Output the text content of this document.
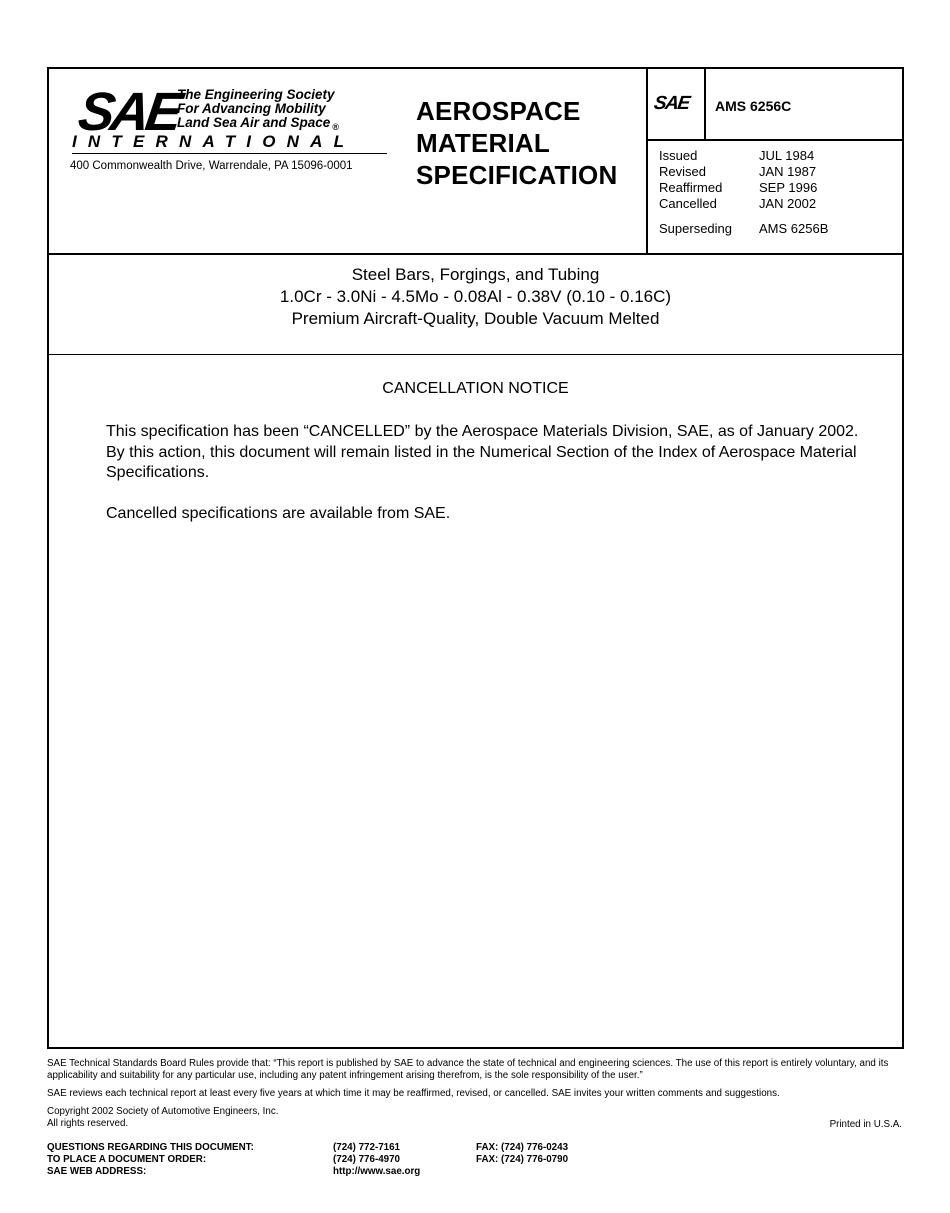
SAE
The Engineering Society
For Advancing Mobility
Land Sea Air and Space $_®$
INTERNATIONAL
400 Commonwealth Drive, Warrendale, PA 15096-0001
AEROSPACE
MATERIAL
SPECIFICATION
SAE AMS 6256C
Issued	JUL 1984
Revised	JAN 1987
Reaffirmed	SEP 1996
Cancelled	JAN 2002
Superseding	AMS 6256B
Steel Bars, Forgings, and Tubing
1.0Cr - 3.0Ni - 4.5Mo - 0.08Al - 0.38V (0.10 - 0.16C)
Premium Aircraft-Quality, Double Vacuum Melted
CANCELLATION NOTICE

This specification has been “CANCELLED” by the Aerospace Materials Division, SAE, as of January 2002. By this action, this document will remain listed in the Numerical Section of the Index of Aerospace Material Specifications.

Cancelled specifications are available from SAE.

SAE Technical Standards Board Rules provide that: “This report is published by SAE to advance the state of technical and engineering sciences. The use of this report is entirely voluntary, and its applicability and suitability for any particular use, including any patent infringement arising therefrom, is the sole responsibility of the user.”

SAE reviews each technical report at least every five years at which time it may be reaffirmed, revised, or cancelled. SAE invites your written comments and suggestions.

Copyright 2002 Society of Automotive Engineers, Inc.
All rights reserved.	Printed in U.S.A.
QUESTIONS REGARDING THIS DOCUMENT:	(724) 772-7161	FAX: (724) 776-0243
TO PLACE A DOCUMENT ORDER:	(724) 776-4970	FAX: (724) 776-0790
SAE WEB ADDRESS:	http://www.sae.org	
